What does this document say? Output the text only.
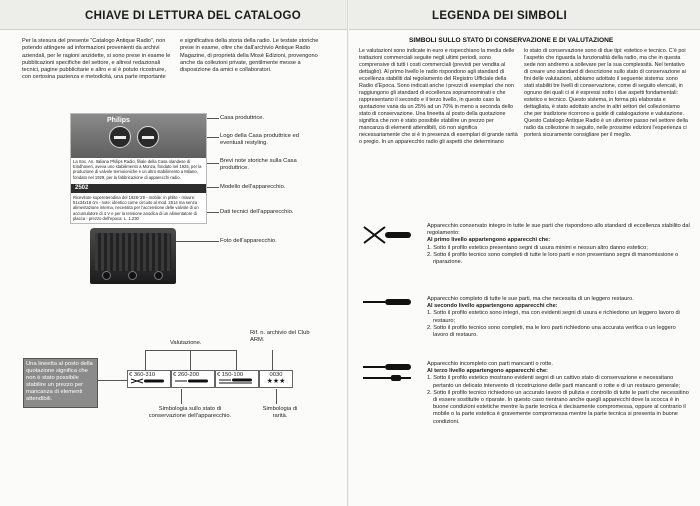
CHIAVE DI LETTURA DEL CATALOGO
Per la stesura del presente “Catalogo Antique Radio”, non potendo attingere ad informazioni provenienti da archivi aziendali, per le ragioni anzidette, si sono prese in esame le pubblicazioni specifiche del settore, e altresì redazionali tecnici, pagine pubblicitarie e altro e si è potuto ricostruire, con certosina pazienza e metodicità, una parte importante
e significativa della storia della radio. Le testate storiche prese in esame, oltre che dall’archivio Antique Radio Magazine, di proprietà della Mosè Edizioni, provengono anche da collezioni private, gentilmente messe a disposizione da amici e collaboratori.
Philips
La Soc. An. Italiana Philips Radio, filiale della Casa olandese di Eindhoven, aveva uno stabilimento a Monza, fondato nel 1925, per la produzione di valvole termoioniche e un altro stabilimento a Milano, fondato nel 1929, per la fabbricazione di apparecchi radio.
2502
Ricevitore supereterodina del 1928-’29 - mobile: in phlite - misure: 51x34x18 cm - note: identico come circuito al mod. 2514 ma senza alimentazione interna, necessita per l’accensione delle valvole di un accumulatore di 4 V e per la tensione anodica di un alimentatore di placca - prezzo dell’epoca: L. 1.230
Casa produttrice.
Logo della Casa produttrice ed eventuali restyling.
Brevi note storiche sulla Casa produttrice.
Modello dell’apparecchio.
Dati tecnici dell’apparecchio.
Foto dell’apparecchio.
Valutazione.
Rif. n. archivio del Club ARM.
€ 360-310	€ 260-200	€ 150-100	0030
★★★
Simbologia sullo stato di conservazione dell’apparecchio.
Simbologia di rarità.
Una lineetta al posto della quotazione significa che non è stato possibile stabilire un prezzo per mancanza di elementi attendibili.
LEGENDA DEI SIMBOLI
SIMBOLI SULLO STATO DI CONSERVAZIONE E DI VALUTAZIONE
Le valutazioni sono indicate in euro e rispecchiano la media delle trattazioni commerciali seguite negli ultimi periodi, sono comprensive di tutti i costi commerciali (previsti per vendita al dettaglio). Al primo livello le radio rispondono agli standard di eccellenza stabiliti dal regolamento del Registro Ufficiale della Radio d’Epoca. Sono indicati anche i prezzi di esemplari che non raggiungono gli standard di eccellenza sopramnominati e che rappresentano il secondo e il terzo livello, in questo caso la quotazione varia da un 25% ad un 70% in meno a seconda dello stato di conservazione. Una lineetta al posto della quotazione significa che non è stato possibile stabilire un prezzo per mancanza di elementi attendibili, ciò non significa necessariamente che si è in presenza di esemplari di grande rarità o pregio. In un apparecchio radio gli aspetti che determinano
lo stato di conservazione sono di due tipi: estetico e tecnico. C’è poi l’aspetto che riguarda la funzionalità della radio, ma che in questa sede non andremo a sollevare per la sua complessità. Nel tentativo di creare uno standard di descrizione sullo stato di conservazione ai fini delle valutazioni, abbiamo adottato il seguente sistema: sono stati stabiliti tre livelli di conservazione, come di seguito elencati, in ognuno dei quali ci si è espressi sotto i due aspetti fondamentali: estetico e tecnico. Questo sistema, in forma più elaborata e dettagliata, è stato adottato anche in altri settori del collezionismo che per tradizione ricorrono a guide di catalogazione e valutazione. Questo Catalogo Antique Radio è un ulteriore passo nel settore della radio da collezione in seguito, nelle prossime edizioni l’esperienza ci porterà sicuramente consigliare per il meglio.
Apparecchio conservato integro in tutte le sue parti che rispondono allo standard di eccellenza stabilito dal regolamento:
Al primo livello appartengono apparecchi che:
1. Sotto il profilo estetico presentano segni di usura minimi e nessun altro danno estetico;
2. Sotto il profilo tecnico sono completi di tutte le loro parti e non presentano segni di manomissione o riparazione.
Apparecchio completo di tutte le sue parti, ma che necessita di un leggero restauro.
Al secondo livello appartengono apparecchi che:
1. Sotto il profilo estetico sono integri, ma con evidenti segni di usura e richiedono un leggero lavoro di restauro;
2. Sotto il profilo tecnico sono completi, ma le loro parti richiedono una accurata verifica o un leggero lavoro di restauro.
Apparecchio incompleto con parti mancanti o rotte.
Al terzo livello appartengono apparecchi che:
1. Sotto il profilo estetico mostrano evidenti segni di un cattivo stato di conservazione e necessitano pertanto un delicato intervento di ricostruzione delle parti mancanti o rotte e di un restauro generale;
2. Sotto il profilo tecnico richiedono un accurato lavoro di pulizia e controllo di tutte le parti che necessitino di essere sostituite o riparate. In questo caso rientrano anche quegli apparecchi dove la scocca è in buone condizioni estetiche mentre la parte tecnica è decisamente compromessa, oppure al contrario il mobile o la parte estetica è gravemente compromessa mentre la parte tecnica si presenta in buone condizioni.
